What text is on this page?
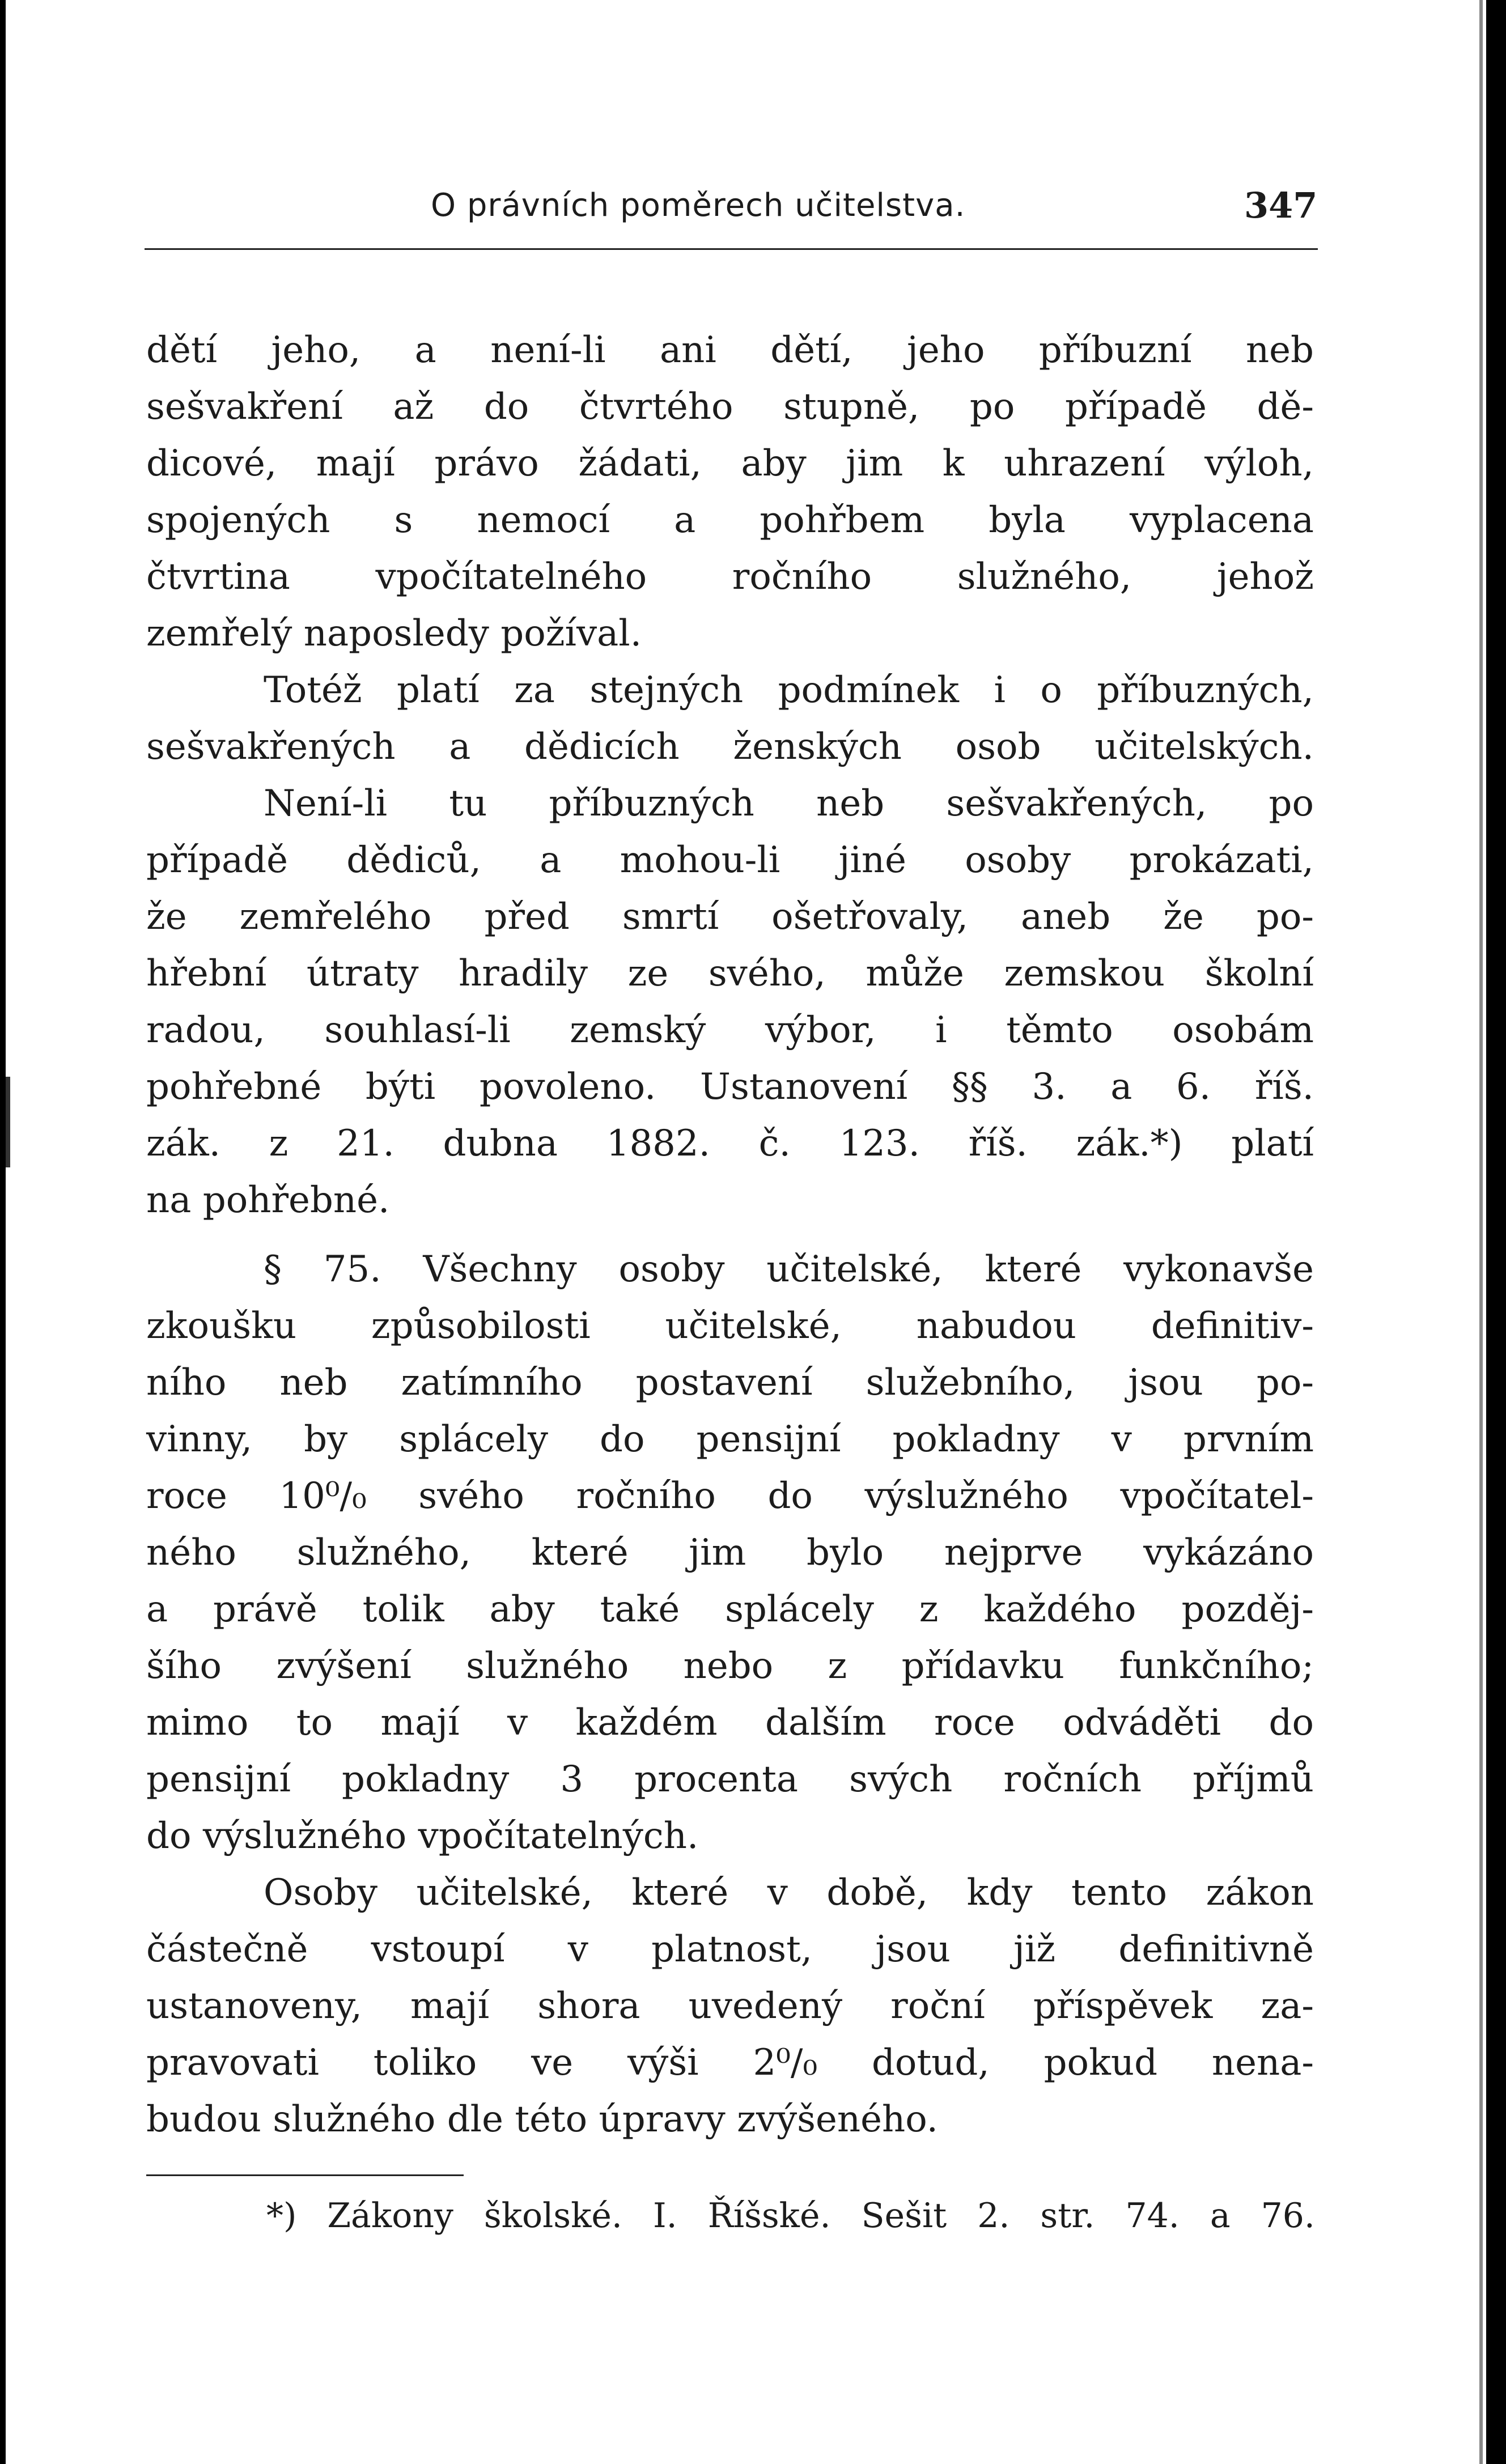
O právních poměrech učitelstva.	347
dětí jeho, a není-li ani dětí, jeho příbuzní neb
sešvakření až do čtvrtého stupně, po případě dě-
dicové, mají právo žádati, aby jim k uhrazení výloh,
spojených s nemocí a pohřbem byla vyplacena
čtvrtina vpočítatelného ročního služného, jehož
zemřelý naposledy požíval.
Totéž platí za stejných podmínek i o příbuzných,
sešvakřených a dědicích ženských osob učitelských.
Není-li tu příbuzných neb sešvakřených, po
případě dědiců, a mohou-li jiné osoby prokázati,
že zemřelého před smrtí ošetřovaly, aneb že po-
hřební útraty hradily ze svého, může zemskou školní
radou, souhlasí-li zemský výbor, i těmto osobám
pohřebné býti povoleno. Ustanovení §§ 3. a 6. říš.
zák. z 21. dubna 1882. č. 123. říš. zák.*) platí
na pohřebné.
§ 75. Všechny osoby učitelské, které vykonavše
zkoušku způsobilosti učitelské, nabudou definitiv-
ního neb zatímního postavení služebního, jsou po-
vinny, by splácely do pensijní pokladny v prvním
roce 10⁰/₀ svého ročního do výslužného vpočítatel-
ného služného, které jim bylo nejprve vykázáno
a právě tolik aby také splácely z každého pozděj-
šího zvýšení služného nebo z přídavku funkčního;
mimo to mají v každém dalším roce odváděti do
pensijní pokladny 3 procenta svých ročních příjmů
do výslužného vpočítatelných.
Osoby učitelské, které v době, kdy tento zákon
částečně vstoupí v platnost, jsou již definitivně
ustanoveny, mají shora uvedený roční příspěvek za-
pravovati toliko ve výši 2⁰/₀ dotud, pokud nena-
budou služného dle této úpravy zvýšeného.
*) Zákony školské. I. Říšské. Sešit 2. str. 74. a 76.
